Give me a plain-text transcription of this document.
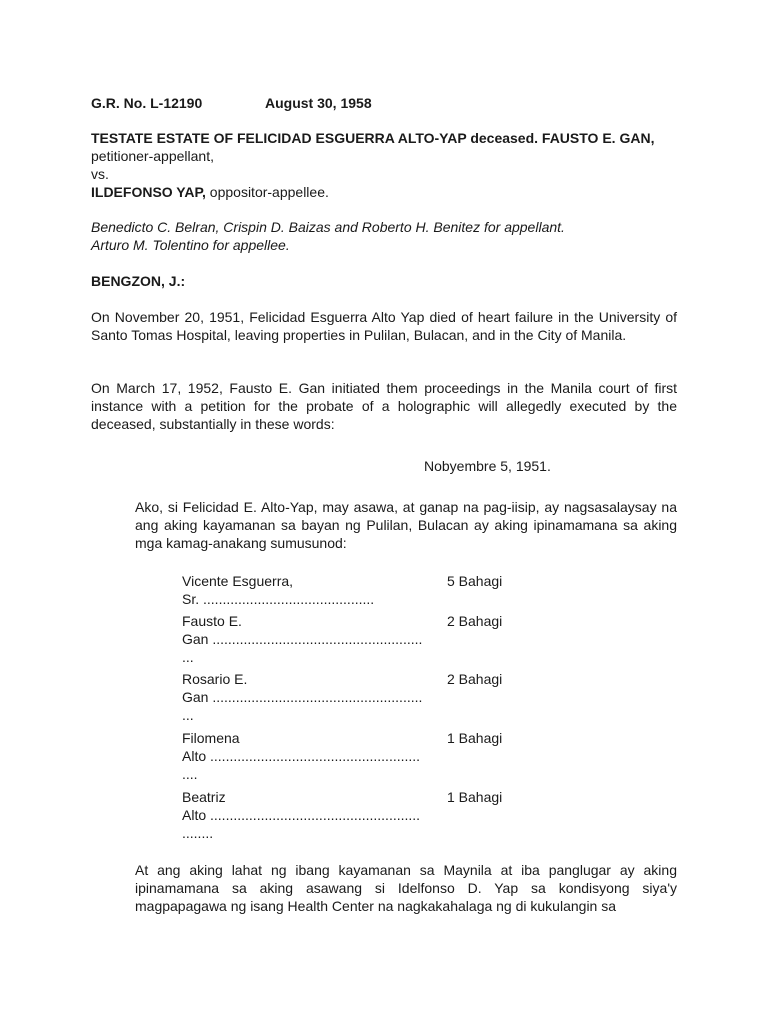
G.R. No. L-12190	August 30, 1958
TESTATE ESTATE OF FELICIDAD ESGUERRA ALTO-YAP deceased. FAUSTO E. GAN, petitioner-appellant,
vs.
ILDEFONSO YAP, oppositor-appellee.
Benedicto C. Belran, Crispin D. Baizas and Roberto H. Benitez for appellant.
Arturo M. Tolentino for appellee.
BENGZON, J.:
On November 20, 1951, Felicidad Esguerra Alto Yap died of heart failure in the University of Santo Tomas Hospital, leaving properties in Pulilan, Bulacan, and in the City of Manila.
On March 17, 1952, Fausto E. Gan initiated them proceedings in the Manila court of first instance with a petition for the probate of a holographic will allegedly executed by the deceased, substantially in these words:
Nobyembre 5, 1951.
Ako, si Felicidad E. Alto-Yap, may asawa, at ganap na pag-iisip, ay nagsasalaysay na ang aking kayamanan sa bayan ng Pulilan, Bulacan ay aking ipinamamana sa aking mga kamag-anakang sumusunod:
Vicente Esguerra,
Sr. ............................................
5 Bahagi
Fausto E.
Gan ......................................................
...
2 Bahagi
Rosario E.
Gan ......................................................
...
2 Bahagi
Filomena
Alto ......................................................
....
1 Bahagi
Beatriz
Alto ......................................................
........
1 Bahagi
At ang aking lahat ng ibang kayamanan sa Maynila at iba panglugar ay aking ipinamamana sa aking asawang si Idelfonso D. Yap sa kondisyong siya'y magpapagawa ng isang Health Center na nagkakahalaga ng di kukulangin sa
